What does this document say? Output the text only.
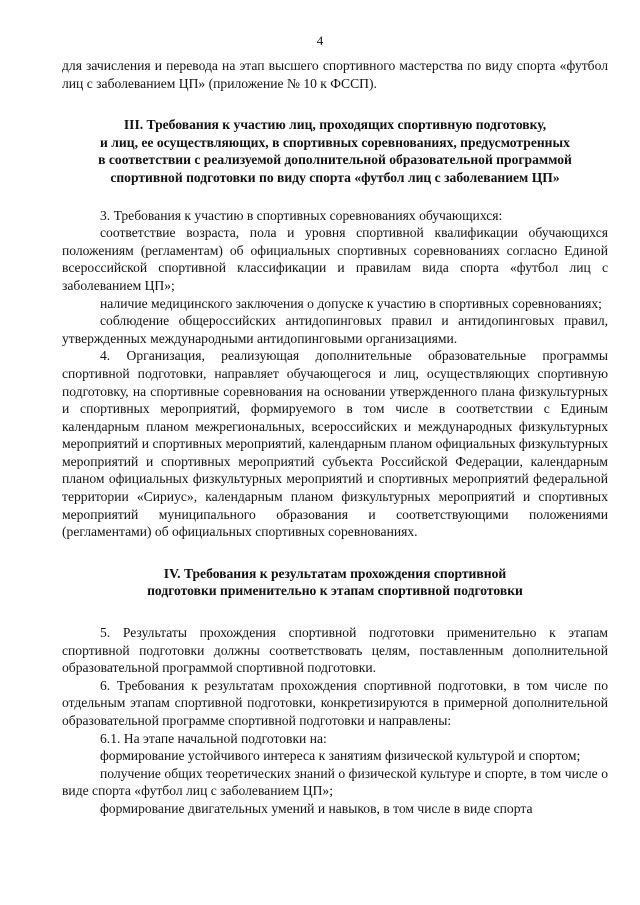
4

для зачисления и перевода на этап высшего спортивного мастерства по виду спорта «футбол лиц с заболеванием ЦП» (приложение № 10 к ФССП).

III. Требования к участию лиц, проходящих спортивную подготовку,
и лиц, ее осуществляющих, в спортивных соревнованиях, предусмотренных
в соответствии с реализуемой дополнительной образовательной программой
спортивной подготовки по виду спорта «футбол лиц с заболеванием ЦП»

3. Требования к участию в спортивных соревнованиях обучающихся:

соответствие возраста, пола и уровня спортивной квалификации обучающихся положениям (регламентам) об официальных спортивных соревнованиях согласно Единой всероссийской спортивной классификации и правилам вида спорта «футбол лиц с заболеванием ЦП»;

наличие медицинского заключения о допуске к участию в спортивных соревнованиях;

соблюдение общероссийских антидопинговых правил и антидопинговых правил, утвержденных международными антидопинговыми организациями.

4. Организация, реализующая дополнительные образовательные программы спортивной подготовки, направляет обучающегося и лиц, осуществляющих спортивную подготовку, на спортивные соревнования на основании утвержденного плана физкультурных и спортивных мероприятий, формируемого в том числе в соответствии с Единым календарным планом межрегиональных, всероссийских и международных физкультурных мероприятий и спортивных мероприятий, календарным планом официальных физкультурных мероприятий и спортивных мероприятий субъекта Российской Федерации, календарным планом официальных физкультурных мероприятий и спортивных мероприятий федеральной территории «Сириус», календарным планом физкультурных мероприятий и спортивных мероприятий муниципального образования и соответствующими положениями (регламентами) об официальных спортивных соревнованиях.

IV. Требования к результатам прохождения спортивной
подготовки применительно к этапам спортивной подготовки

5. Результаты прохождения спортивной подготовки применительно к этапам спортивной подготовки должны соответствовать целям, поставленным дополнительной образовательной программой спортивной подготовки.

6. Требования к результатам прохождения спортивной подготовки, в том числе по отдельным этапам спортивной подготовки, конкретизируются в примерной дополнительной образовательной программе спортивной подготовки и направлены:

6.1. На этапе начальной подготовки на:

формирование устойчивого интереса к занятиям физической культурой и спортом;

получение общих теоретических знаний о физической культуре и спорте, в том числе о виде спорта «футбол лиц с заболеванием ЦП»;

формирование двигательных умений и навыков, в том числе в виде спорта
